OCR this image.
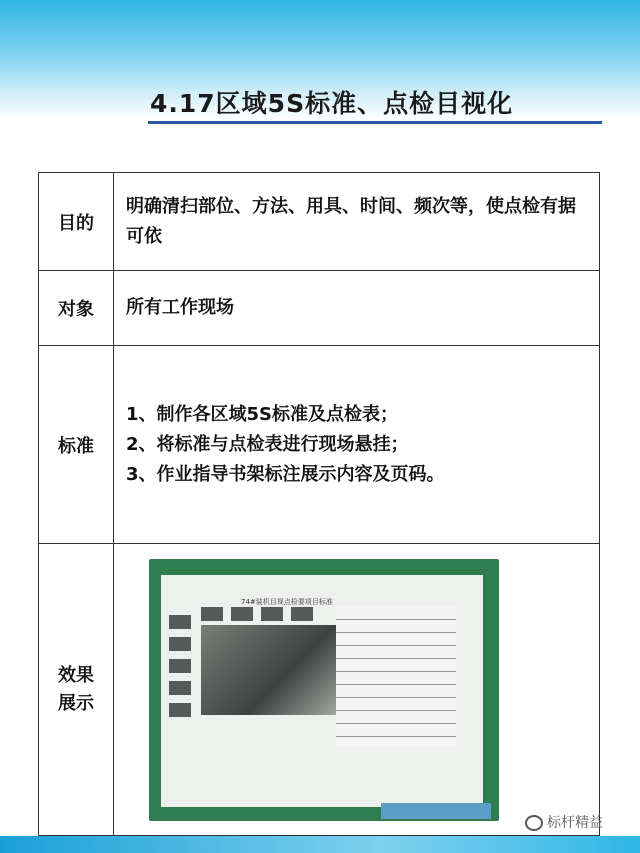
4.17区域5S标准、点检目视化
目的	明确清扫部位、方法、用具、时间、频次等，使点检有据可依
对象	所有工作现场
标准	1、制作各区域5S标准及点检表；
2、将标准与点检表进行现场悬挂；
3、作业指导书架标注展示内容及页码。

效果
展示	74#装机目视点检要项目标准
标杆精益
